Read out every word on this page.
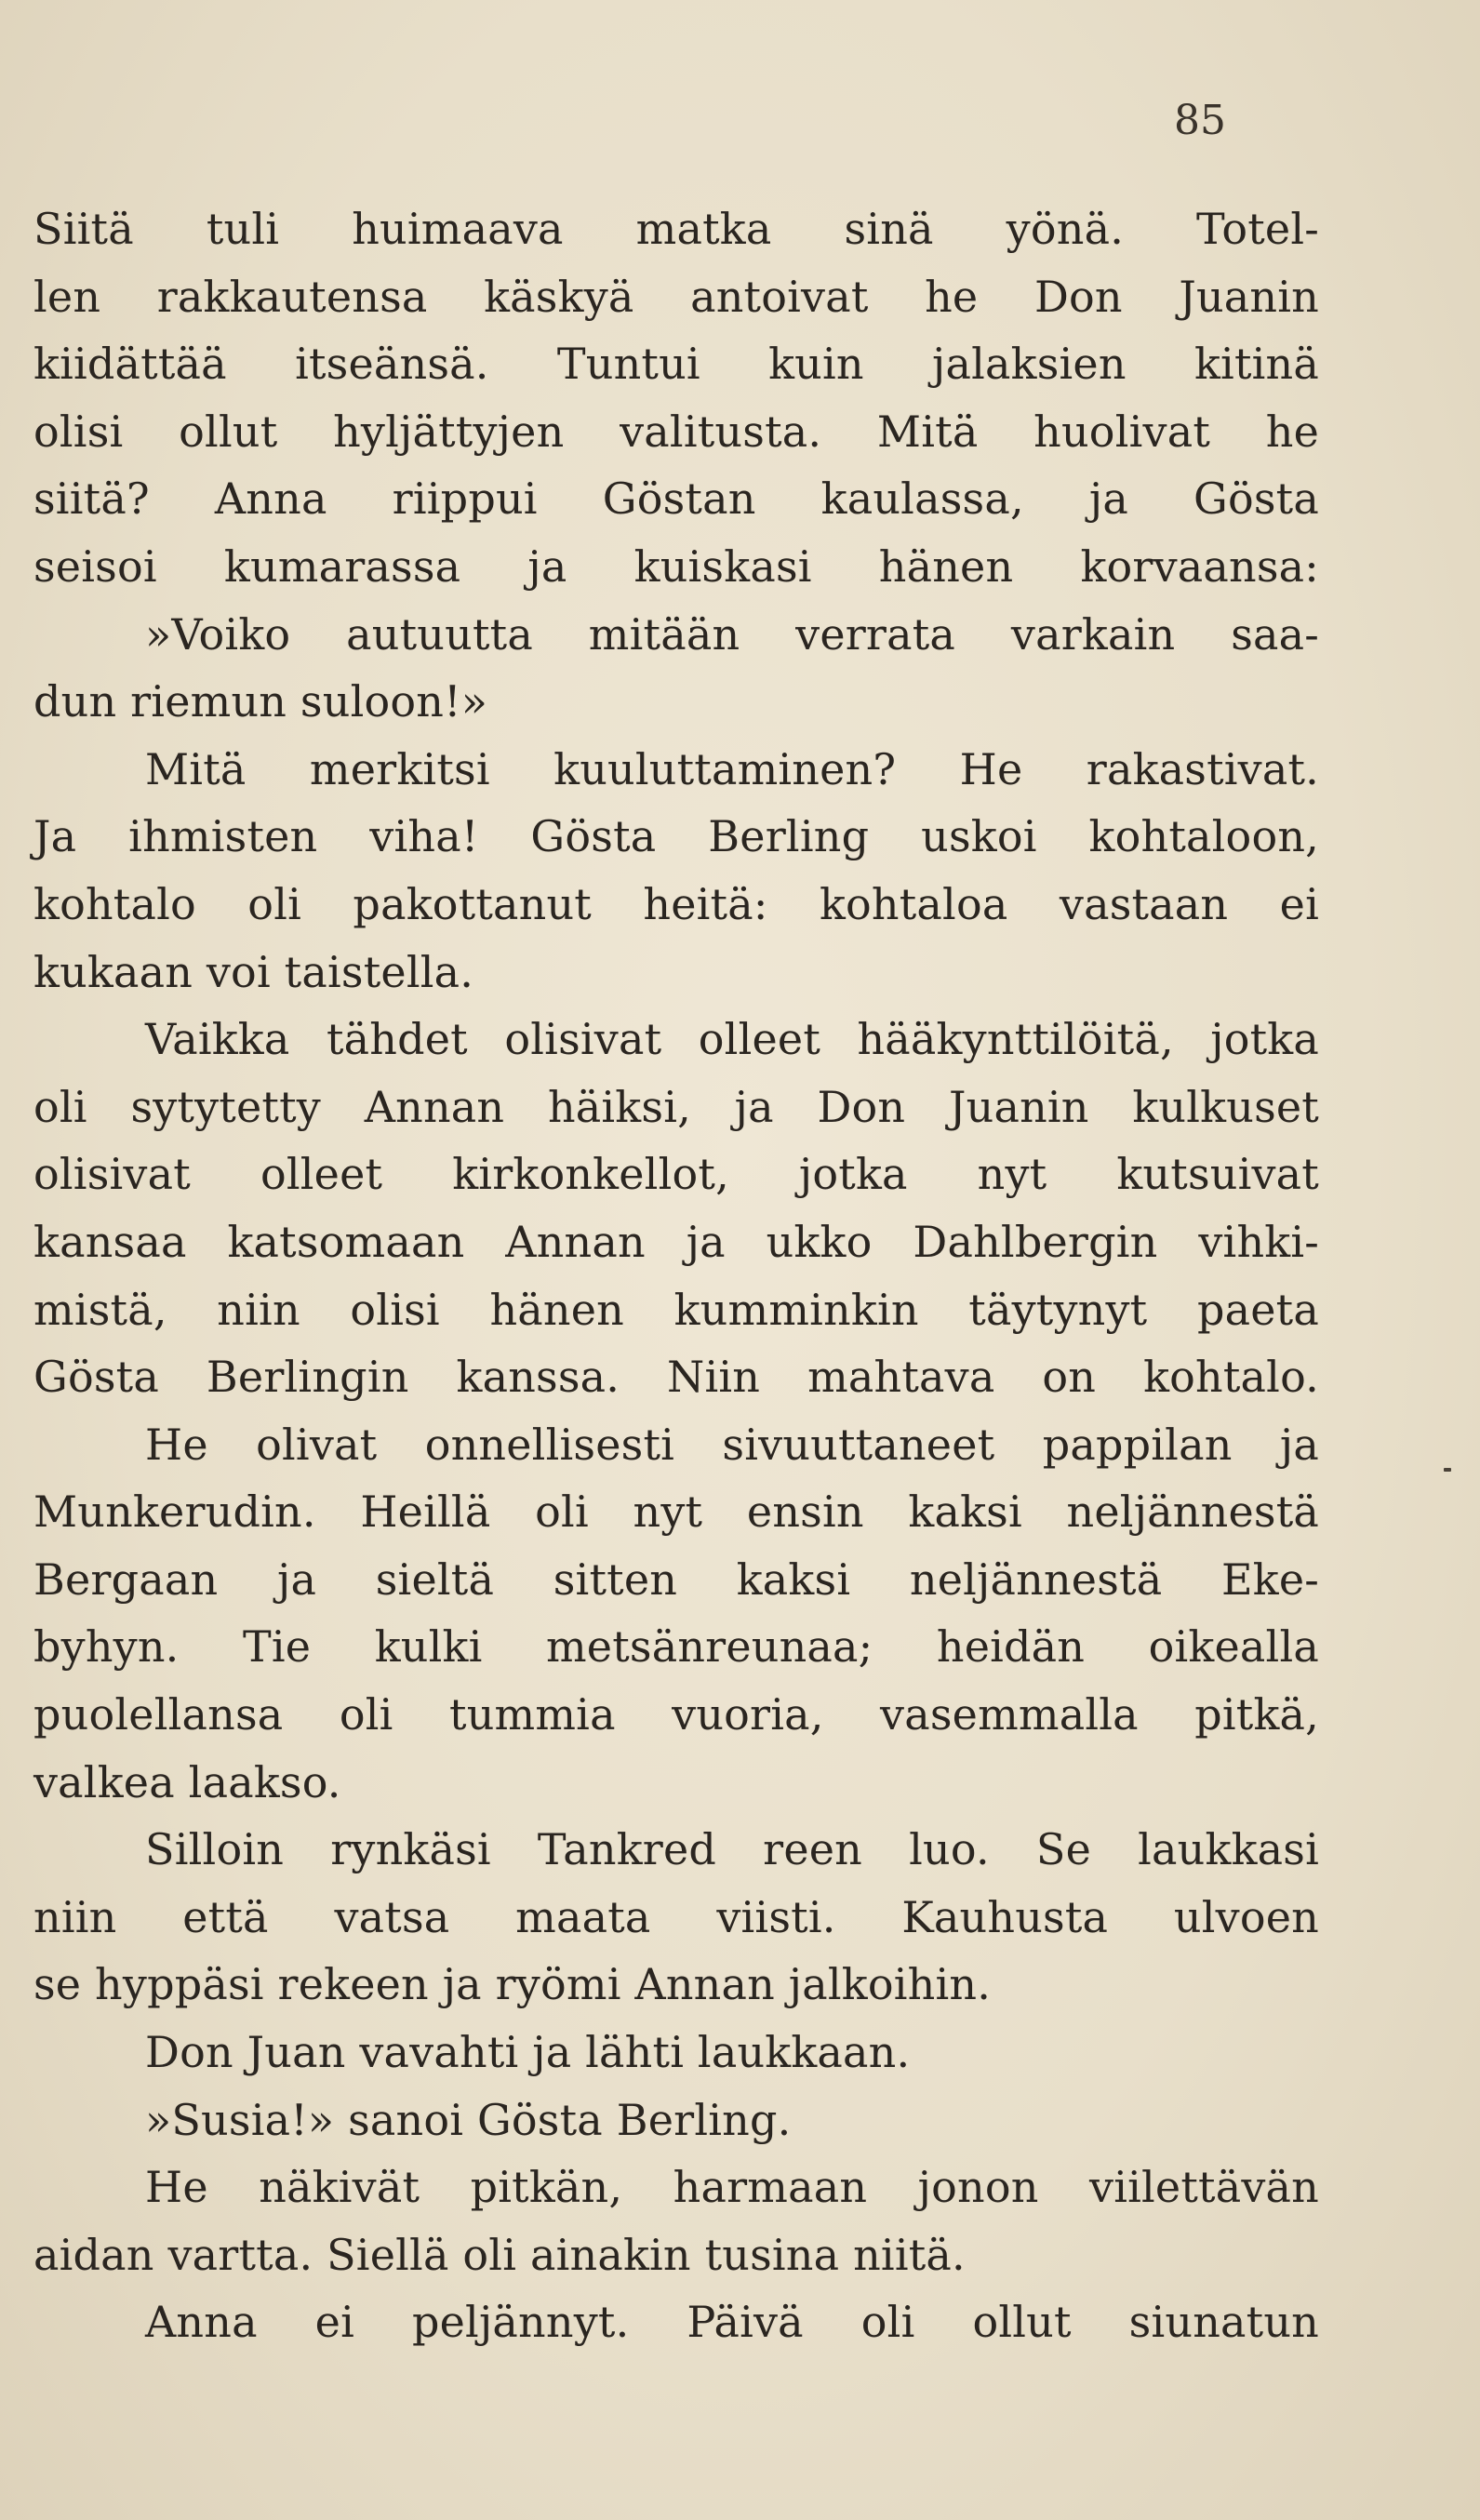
85
Siitä tuli huimaava matka sinä yönä. Totel-
len rakkautensa käskyä antoivat he Don Juanin
kiidättää itseänsä. Tuntui kuin jalaksien kitinä
olisi ollut hyljättyjen valitusta. Mitä huolivat he
siitä? Anna riippui Göstan kaulassa, ja Gösta
seisoi kumarassa ja kuiskasi hänen korvaansa:
»Voiko autuutta mitään verrata varkain saa-
dun riemun suloon!»
Mitä merkitsi kuuluttaminen? He rakastivat.
Ja ihmisten viha! Gösta Berling uskoi kohtaloon,
kohtalo oli pakottanut heitä: kohtaloa vastaan ei
kukaan voi taistella.
Vaikka tähdet olisivat olleet hääkynttilöitä, jotka
oli sytytetty Annan häiksi, ja Don Juanin kulkuset
olisivat olleet kirkonkellot, jotka nyt kutsuivat
kansaa katsomaan Annan ja ukko Dahlbergin vihki-
mistä, niin olisi hänen kumminkin täytynyt paeta
Gösta Berlingin kanssa. Niin mahtava on kohtalo.
He olivat onnellisesti sivuuttaneet pappilan ja
Munkerudin. Heillä oli nyt ensin kaksi neljännestä
Bergaan ja sieltä sitten kaksi neljännestä Eke-
byhyn. Tie kulki metsänreunaa; heidän oikealla
puolellansa oli tummia vuoria, vasemmalla pitkä,
valkea laakso.
Silloin rynkäsi Tankred reen luo. Se laukkasi
niin että vatsa maata viisti. Kauhusta ulvoen
se hyppäsi rekeen ja ryömi Annan jalkoihin.
Don Juan vavahti ja lähti laukkaan.
»Susia!» sanoi Gösta Berling.
He näkivät pitkän, harmaan jonon viilettävän
aidan vartta. Siellä oli ainakin tusina niitä.
Anna ei peljännyt. Päivä oli ollut siunatun
